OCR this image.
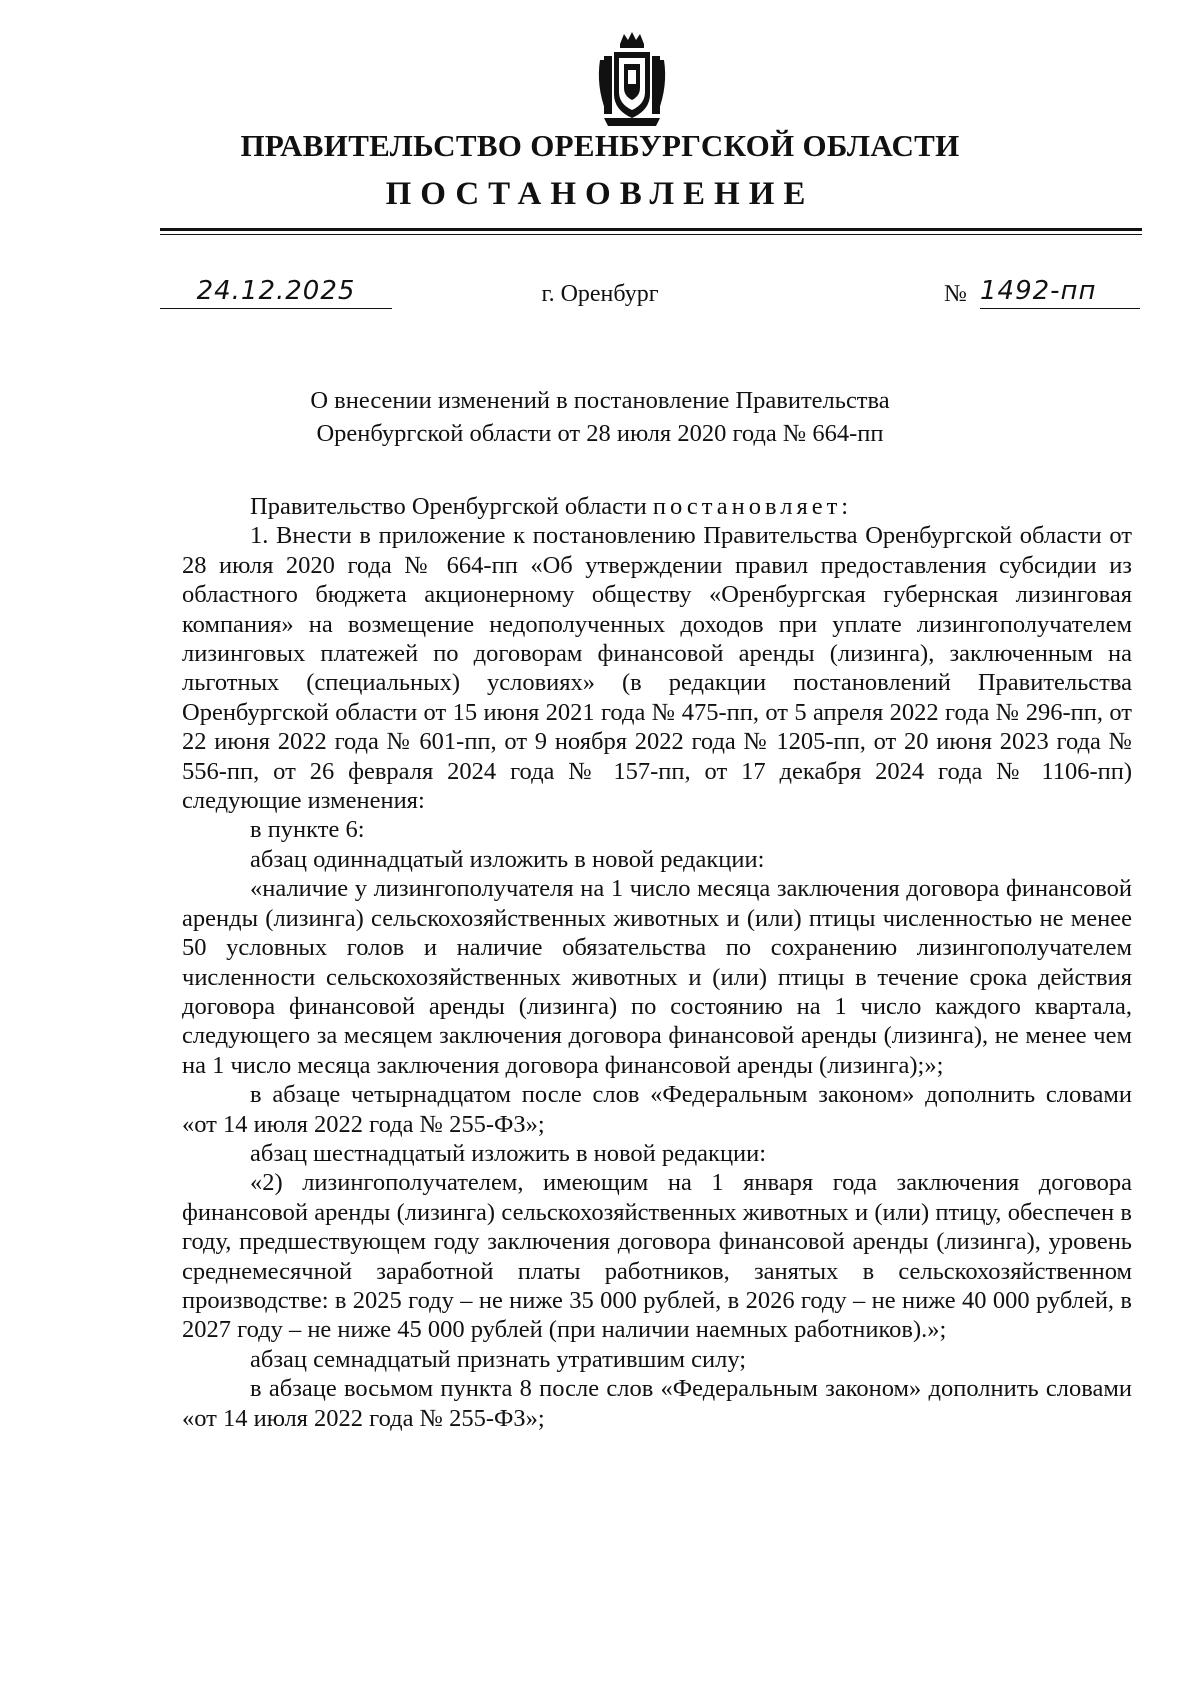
ПРАВИТЕЛЬСТВО ОРЕНБУРГСКОЙ ОБЛАСТИ
ПОСТАНОВЛЕНИЕ
24.12.2025	г. Оренбург	№ 1492-пп
О внесении изменений в постановление Правительства
Оренбургской области от 28 июля 2020 года № 664-пп

Правительство Оренбургской области постановляет:

1. Внести в приложение к постановлению Правительства Оренбургской области от 28 июля 2020 года № 664-пп «Об утверждении правил предоставления субсидии из областного бюджета акционерному обществу «Оренбургская губернская лизинговая компания» на возмещение недополученных доходов при уплате лизингополучателем лизинговых платежей по договорам финансовой аренды (лизинга), заключенным на льготных (специальных) условиях» (в редакции постановлений Правительства Оренбургской области от 15 июня 2021 года № 475-пп, от 5 апреля 2022 года № 296-пп, от 22 июня 2022 года № 601-пп, от 9 ноября 2022 года № 1205-пп, от 20 июня 2023 года № 556-пп, от 26 февраля 2024 года № 157-пп, от 17 декабря 2024 года № 1106-пп) следующие изменения:

в пункте 6:

абзац одиннадцатый изложить в новой редакции:

«наличие у лизингополучателя на 1 число месяца заключения договора финансовой аренды (лизинга) сельскохозяйственных животных и (или) птицы численностью не менее 50 условных голов и наличие обязательства по сохранению лизингополучателем численности сельскохозяйственных животных и (или) птицы в течение срока действия договора финансовой аренды (лизинга) по состоянию на 1 число каждого квартала, следующего за месяцем заключения договора финансовой аренды (лизинга), не менее чем на 1 число месяца заключения договора финансовой аренды (лизинга);»;

в абзаце четырнадцатом после слов «Федеральным законом» дополнить словами «от 14 июля 2022 года № 255-ФЗ»;

абзац шестнадцатый изложить в новой редакции:

«2) лизингополучателем, имеющим на 1 января года заключения договора финансовой аренды (лизинга) сельскохозяйственных животных и (или) птицу, обеспечен в году, предшествующем году заключения договора финансовой аренды (лизинга), уровень среднемесячной заработной платы работников, занятых в сельскохозяйственном производстве: в 2025 году – не ниже 35 000 рублей, в 2026 году – не ниже 40 000 рублей, в 2027 году – не ниже 45 000 рублей (при наличии наемных работников).»;

абзац семнадцатый признать утратившим силу;

в абзаце восьмом пункта 8 после слов «Федеральным законом» дополнить словами «от 14 июля 2022 года № 255-ФЗ»;
